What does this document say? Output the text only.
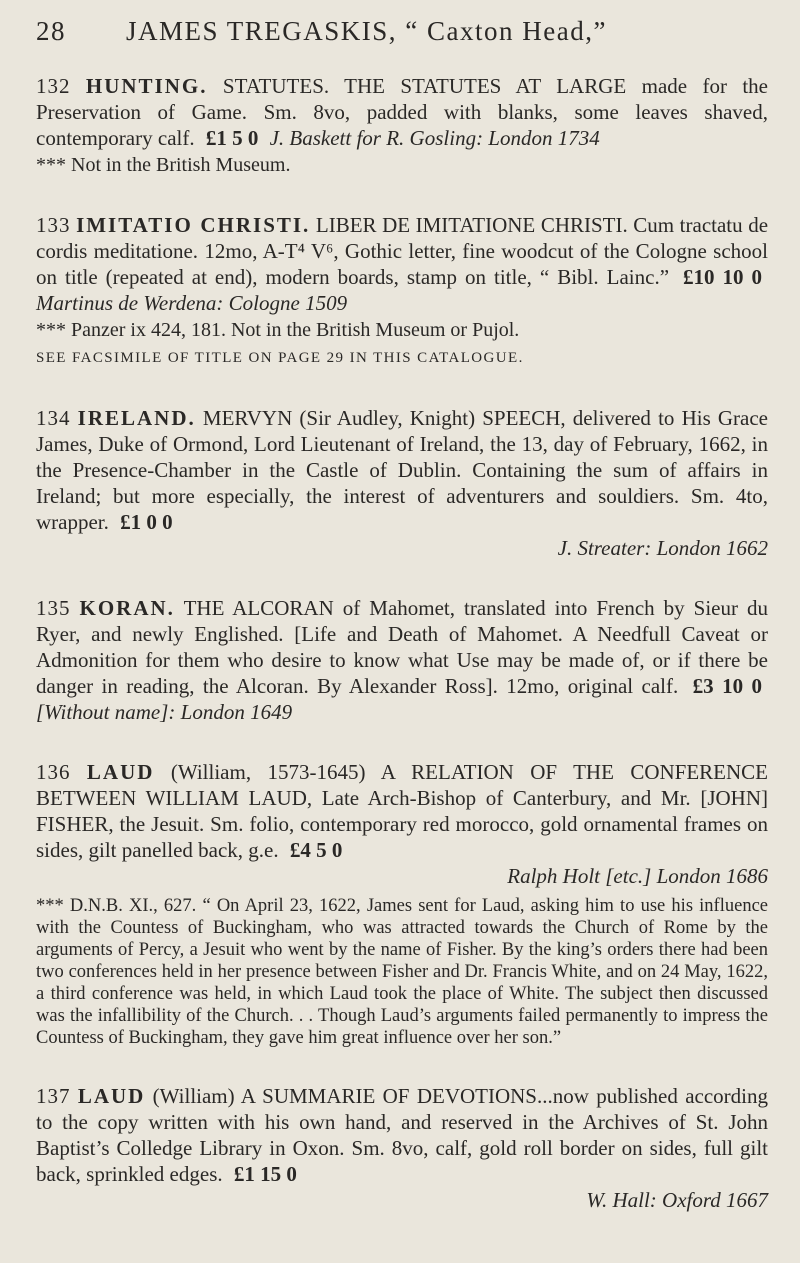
28 JAMES TREGASKIS, “ Caxton Head,”
132 HUNTING. STATUTES. THE STATUTES AT LARGE made for the Preservation of Game. Sm. 8vo, padded with blanks, some leaves shaved, contemporary calf. £1 5 0 J. Baskett for R. Gosling: London 1734
*** Not in the British Museum.
133 IMITATIO CHRISTI. LIBER DE IMITATIONE CHRISTI. Cum tractatu de cordis meditatione. 12mo, A-T⁴ V⁶, Gothic letter, fine woodcut of the Cologne school on title (repeated at end), modern boards, stamp on title, “ Bibl. Lainc.” £10 10 0 Martinus de Werdena: Cologne 1509
*** Panzer ix 424, 181. Not in the British Museum or Pujol.
SEE FACSIMILE OF TITLE ON PAGE 29 IN THIS CATALOGUE.
134 IRELAND. MERVYN (Sir Audley, Knight) SPEECH, delivered to His Grace James, Duke of Ormond, Lord Lieutenant of Ireland, the 13, day of February, 1662, in the Presence-Chamber in the Castle of Dublin. Containing the sum of affairs in Ireland; but more especially, the interest of adventurers and souldiers. Sm. 4to, wrapper. £1 0 0
J. Streater: London 1662
135 KORAN. THE ALCORAN of Mahomet, translated into French by Sieur du Ryer, and newly Englished. [Life and Death of Mahomet. A Needfull Caveat or Admonition for them who desire to know what Use may be made of, or if there be danger in reading, the Alcoran. By Alexander Ross]. 12mo, original calf. £3 10 0 [Without name]: London 1649
136 LAUD (William, 1573-1645) A RELATION OF THE CONFERENCE BETWEEN WILLIAM LAUD, Late Arch-Bishop of Canterbury, and Mr. [JOHN] FISHER, the Jesuit. Sm. folio, contemporary red morocco, gold ornamental frames on sides, gilt panelled back, g.e. £4 5 0
Ralph Holt [etc.] London 1686
*** D.N.B. XI., 627. “ On April 23, 1622, James sent for Laud, asking him to use his influence with the Countess of Buckingham, who was attracted towards the Church of Rome by the arguments of Percy, a Jesuit who went by the name of Fisher. By the king’s orders there had been two conferences held in her presence between Fisher and Dr. Francis White, and on 24 May, 1622, a third conference was held, in which Laud took the place of White. The subject then discussed was the infallibility of the Church. . . Though Laud’s arguments failed permanently to impress the Countess of Buckingham, they gave him great influence over her son.”
137 LAUD (William) A SUMMARIE OF DEVOTIONS...now published according to the copy written with his own hand, and reserved in the Archives of St. John Baptist’s Colledge Library in Oxon. Sm. 8vo, calf, gold roll border on sides, full gilt back, sprinkled edges. £1 15 0
W. Hall: Oxford 1667
